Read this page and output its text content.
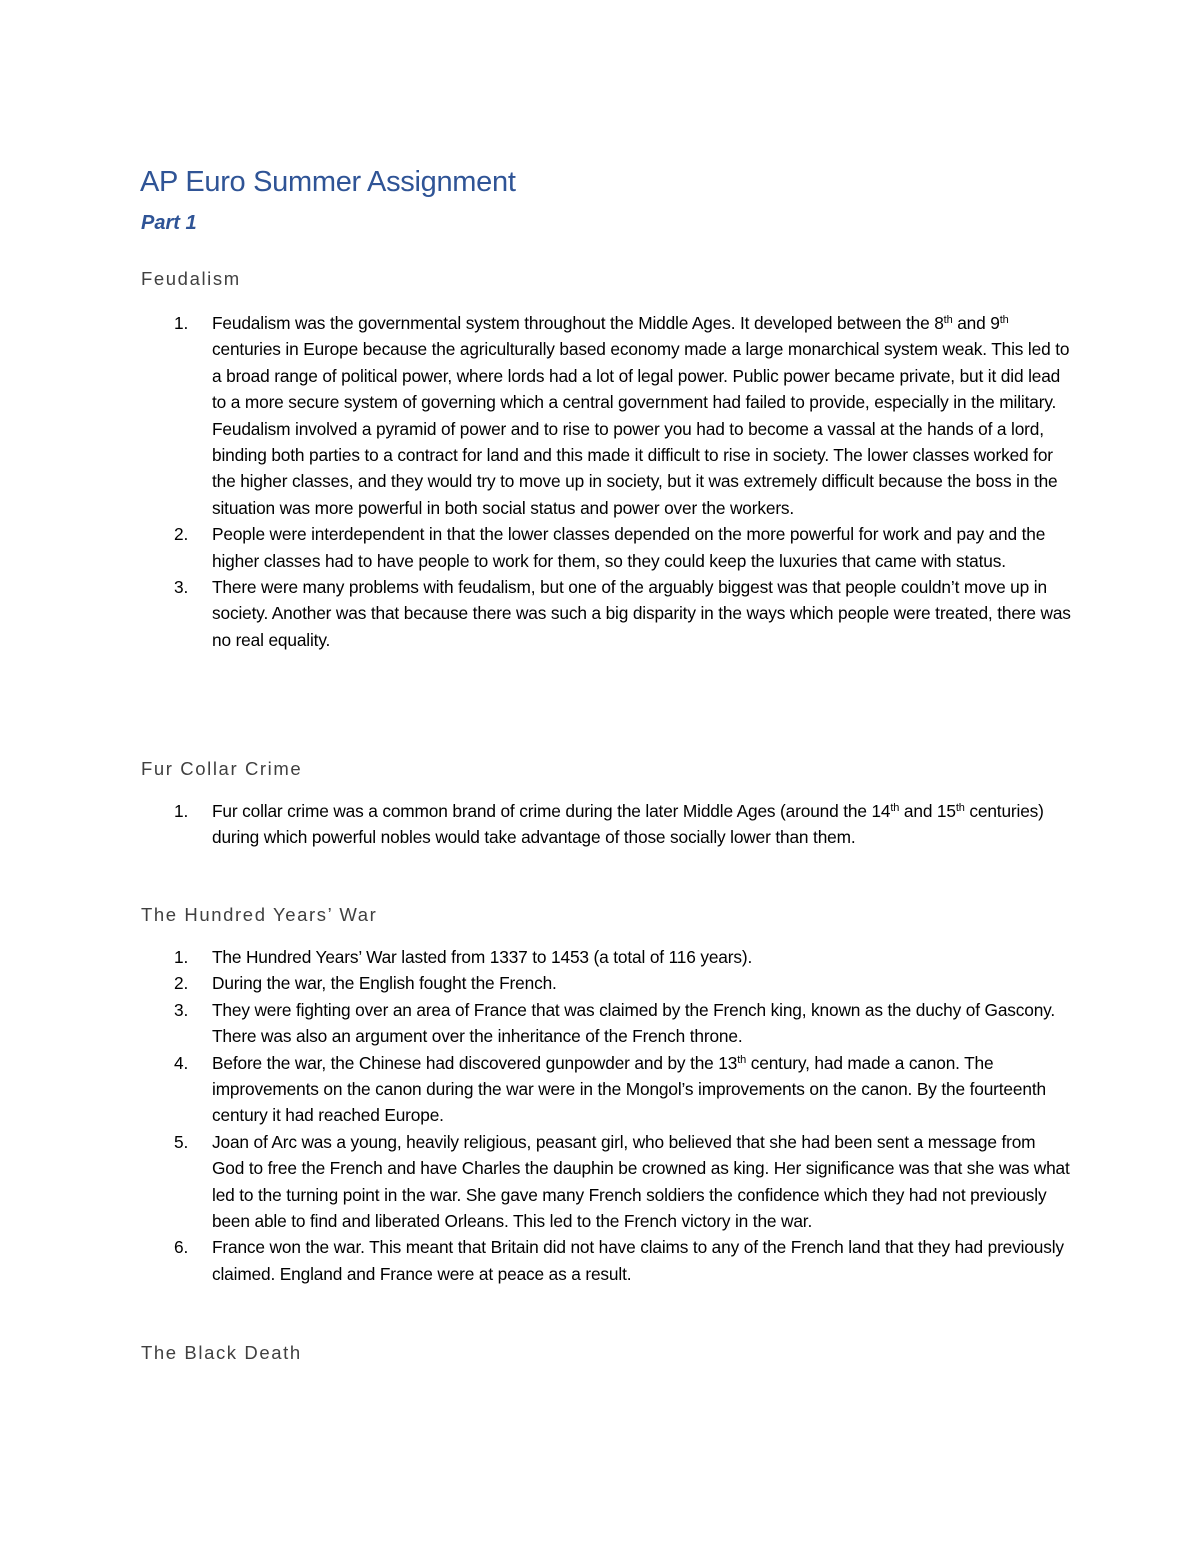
AP Euro Summer Assignment
Part 1
Feudalism
1.	Feudalism was the governmental system throughout the Middle Ages. It developed between the 8th and 9th centuries in Europe because the agriculturally based economy made a large monarchical system weak. This led to a broad range of political power, where lords had a lot of legal power. Public power became private, but it did lead to a more secure system of governing which a central government had failed to provide, especially in the military. Feudalism involved a pyramid of power and to rise to power you had to become a vassal at the hands of a lord, binding both parties to a contract for land and this made it difficult to rise in society. The lower classes worked for the higher classes, and they would try to move up in society, but it was extremely difficult because the boss in the situation was more powerful in both social status and power over the workers.
2.	People were interdependent in that the lower classes depended on the more powerful for work and pay and the higher classes had to have people to work for them, so they could keep the luxuries that came with status.
3.	There were many problems with feudalism, but one of the arguably biggest was that people couldn’t move up in society. Another was that because there was such a big disparity in the ways which people were treated, there was no real equality.
Fur Collar Crime
1.	Fur collar crime was a common brand of crime during the later Middle Ages (around the 14th and 15th centuries) during which powerful nobles would take advantage of those socially lower than them.
The Hundred Years’ War
1.	The Hundred Years’ War lasted from 1337 to 1453 (a total of 116 years).
2.	During the war, the English fought the French.
3.	They were fighting over an area of France that was claimed by the French king, known as the duchy of Gascony. There was also an argument over the inheritance of the French throne.
4.	Before the war, the Chinese had discovered gunpowder and by the 13th century, had made a canon. The improvements on the canon during the war were in the Mongol’s improvements on the canon. By the fourteenth century it had reached Europe.
5.	Joan of Arc was a young, heavily religious, peasant girl, who believed that she had been sent a message from God to free the French and have Charles the dauphin be crowned as king. Her significance was that she was what led to the turning point in the war. She gave many French soldiers the confidence which they had not previously been able to find and liberated Orleans. This led to the French victory in the war.
6.	France won the war. This meant that Britain did not have claims to any of the French land that they had previously claimed. England and France were at peace as a result.
The Black Death
